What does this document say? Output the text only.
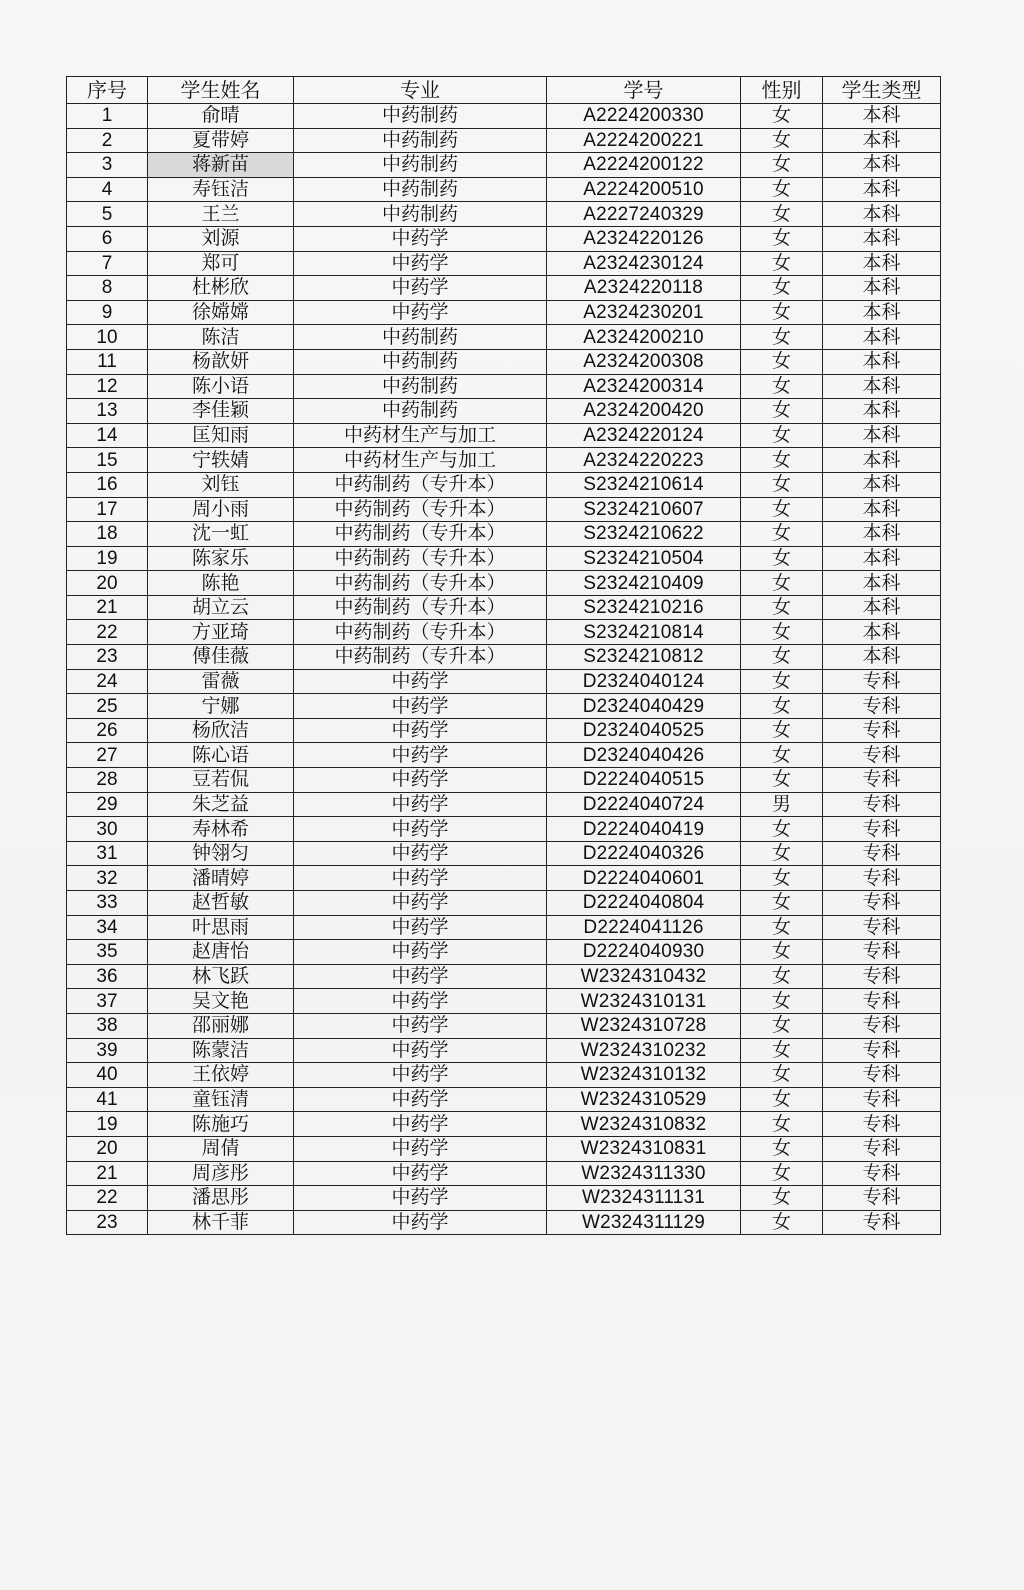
序号	学生姓名	专业	学号	性别	学生类型
1	俞晴	中药制药	A2224200330	女	本科
2	夏带婷	中药制药	A2224200221	女	本科
3	蒋新苗	中药制药	A2224200122	女	本科
4	寿钰洁	中药制药	A2224200510	女	本科
5	王兰	中药制药	A2227240329	女	本科
6	刘源	中药学	A2324220126	女	本科
7	郑可	中药学	A2324230124	女	本科
8	杜彬欣	中药学	A2324220118	女	本科
9	徐嫦嫦	中药学	A2324230201	女	本科
10	陈洁	中药制药	A2324200210	女	本科
11	杨歆妍	中药制药	A2324200308	女	本科
12	陈小语	中药制药	A2324200314	女	本科
13	李佳颖	中药制药	A2324200420	女	本科
14	匡知雨	中药材生产与加工	A2324220124	女	本科
15	宁轶婧	中药材生产与加工	A2324220223	女	本科
16	刘钰	中药制药（专升本）	S2324210614	女	本科
17	周小雨	中药制药（专升本）	S2324210607	女	本科
18	沈一虹	中药制药（专升本）	S2324210622	女	本科
19	陈家乐	中药制药（专升本）	S2324210504	女	本科
20	陈艳	中药制药（专升本）	S2324210409	女	本科
21	胡立云	中药制药（专升本）	S2324210216	女	本科
22	方亚琦	中药制药（专升本）	S2324210814	女	本科
23	傅佳薇	中药制药（专升本）	S2324210812	女	本科
24	雷薇	中药学	D2324040124	女	专科
25	宁娜	中药学	D2324040429	女	专科
26	杨欣洁	中药学	D2324040525	女	专科
27	陈心语	中药学	D2324040426	女	专科
28	豆若侃	中药学	D2224040515	女	专科
29	朱芝益	中药学	D2224040724	男	专科
30	寿林希	中药学	D2224040419	女	专科
31	钟翎匀	中药学	D2224040326	女	专科
32	潘晴婷	中药学	D2224040601	女	专科
33	赵哲敏	中药学	D2224040804	女	专科
34	叶思雨	中药学	D2224041126	女	专科
35	赵唐怡	中药学	D2224040930	女	专科
36	林飞跃	中药学	W2324310432	女	专科
37	吴文艳	中药学	W2324310131	女	专科
38	邵丽娜	中药学	W2324310728	女	专科
39	陈蒙洁	中药学	W2324310232	女	专科
40	王依婷	中药学	W2324310132	女	专科
41	童钰清	中药学	W2324310529	女	专科
19	陈施巧	中药学	W2324310832	女	专科
20	周倩	中药学	W2324310831	女	专科
21	周彦彤	中药学	W2324311330	女	专科
22	潘思彤	中药学	W2324311131	女	专科
23	林千菲	中药学	W2324311129	女	专科
